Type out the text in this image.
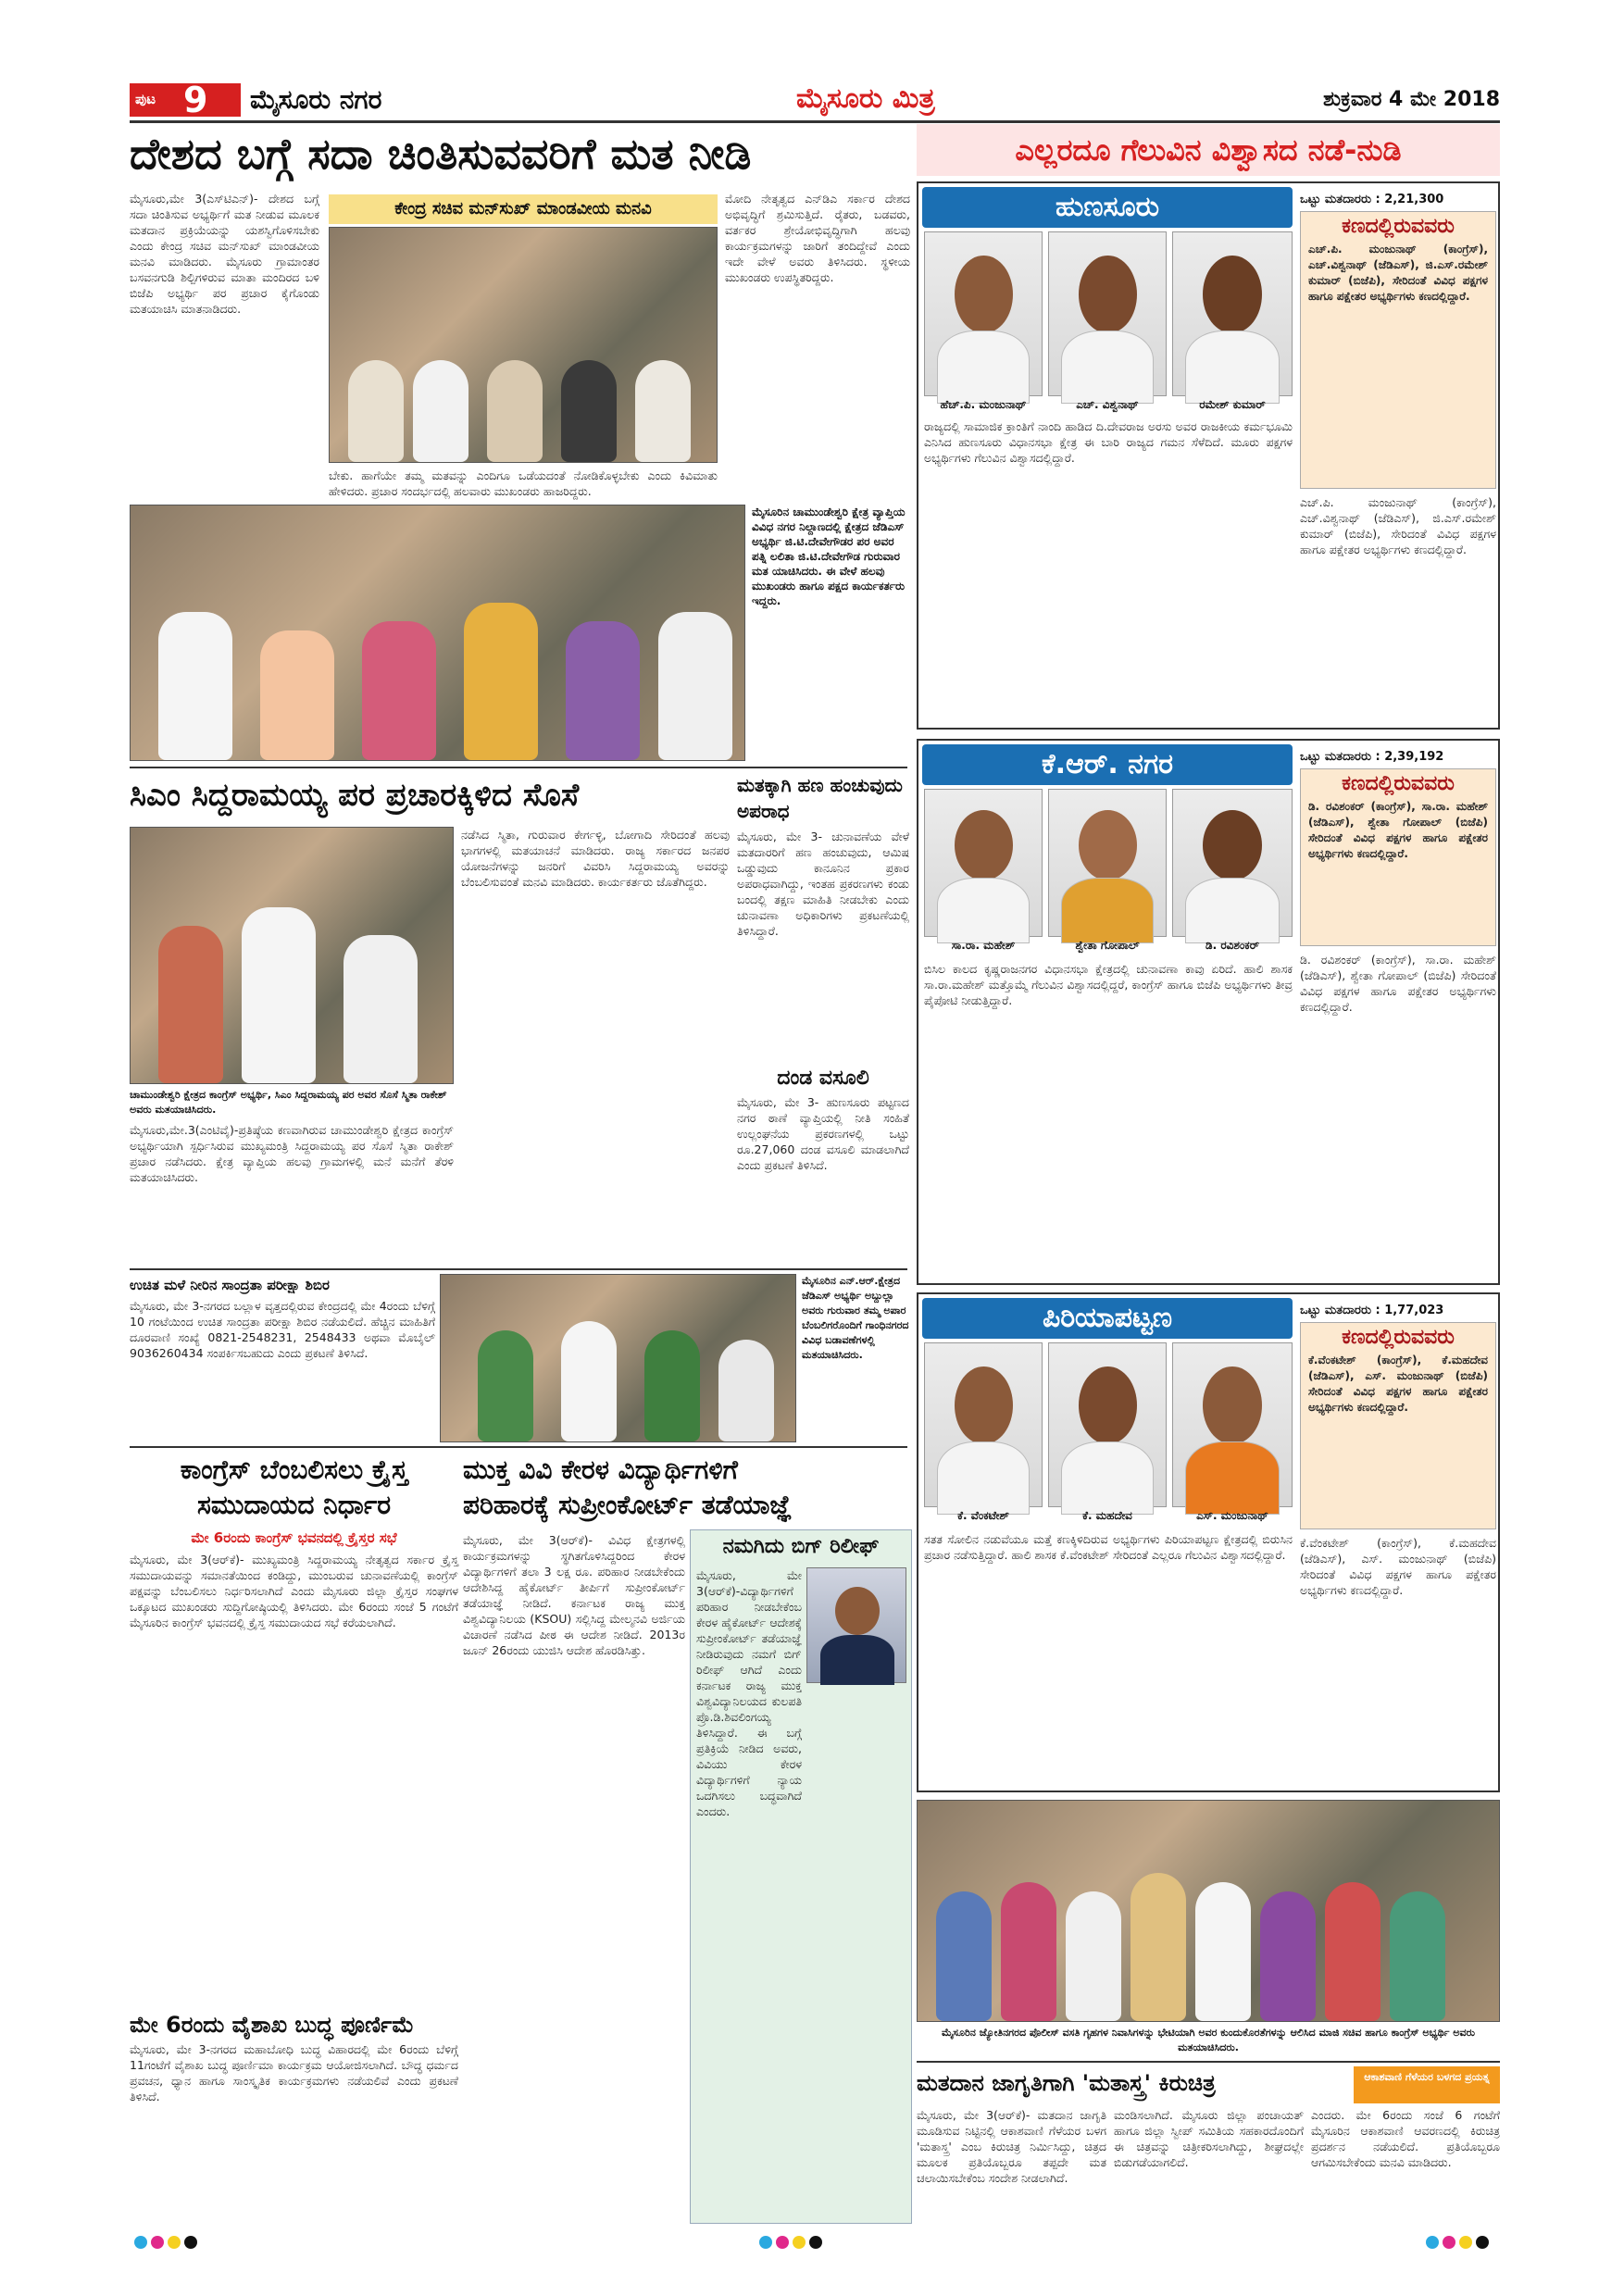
ಪುಟ 9 ಮೈಸೂರು ನಗರ	ಮೈಸೂರು ಮಿತ್ರ	ಶುಕ್ರವಾರ 4 ಮೇ 2018
ದೇಶದ ಬಗ್ಗೆ ಸದಾ ಚಿಂತಿಸುವವರಿಗೆ ಮತ ನೀಡಿ
ಕೇಂದ್ರ ಸಚಿವ ಮನ್‌ಸುಖ್ ಮಾಂಡವೀಯ ಮನವಿ
ಮೈಸೂರು,ಮೇ 3(ಎಸ್‌ಟಿಎನ್)- ದೇಶದ ಬಗ್ಗೆ ಸದಾ ಚಿಂತಿಸುವ ಅಭ್ಯರ್ಥಿಗೆ ಮತ ನೀಡುವ ಮೂಲಕ ಮತದಾನ ಪ್ರಕ್ರಿಯೆಯನ್ನು ಯಶಸ್ವಿಗೊಳಿಸಬೇಕು ಎಂದು ಕೇಂದ್ರ ಸಚಿವ ಮನ್‌ಸುಖ್ ಮಾಂಡವೀಯ ಮನವಿ ಮಾಡಿದರು. ಮೈಸೂರು ಗ್ರಾಮಾಂತರ ಬಸವನಗುಡಿ ಶಿಲ್ಪಿಗಳಿರುವ ಮಾತಾ ಮಂದಿರದ ಬಳಿ ಬಿಜೆಪಿ ಅಭ್ಯರ್ಥಿ ಪರ ಪ್ರಚಾರ ಕೈಗೊಂಡು ಮತಯಾಚಿಸಿ ಮಾತನಾಡಿದರು.
ಬೇಕು. ಹಾಗೆಯೇ ತಮ್ಮ ಮತವನ್ನು ಎಂದಿಗೂ ಒಡೆಯದಂತೆ ನೋಡಿಕೊಳ್ಳಬೇಕು ಎಂದು ಕಿವಿಮಾತು ಹೇಳಿದರು. ಪ್ರಚಾರ ಸಂದರ್ಭದಲ್ಲಿ ಹಲವಾರು ಮುಖಂಡರು ಹಾಜರಿದ್ದರು.
ಮೋದಿ ನೇತೃತ್ವದ ಎನ್‌ಡಿಎ ಸರ್ಕಾರ ದೇಶದ ಅಭಿವೃದ್ಧಿಗೆ ಶ್ರಮಿಸುತ್ತಿದೆ. ರೈತರು, ಬಡವರು, ವರ್ತಕರ ಶ್ರೇಯೋಭಿವೃದ್ಧಿಗಾಗಿ ಹಲವು ಕಾರ್ಯಕ್ರಮಗಳನ್ನು ಜಾರಿಗೆ ತಂದಿದ್ದೇವೆ ಎಂದು ಇದೇ ವೇಳೆ ಅವರು ತಿಳಿಸಿದರು. ಸ್ಥಳೀಯ ಮುಖಂಡರು ಉಪಸ್ಥಿತರಿದ್ದರು.
ಮೈಸೂರಿನ ಚಾಮುಂಡೇಶ್ವರಿ ಕ್ಷೇತ್ರ ವ್ಯಾಪ್ತಿಯ ವಿವಿಧ ನಗರ ನಿಲ್ದಾಣದಲ್ಲಿ ಕ್ಷೇತ್ರದ ಜೆಡಿಎಸ್ ಅಭ್ಯರ್ಥಿ ಜಿ.ಟಿ.ದೇವೇಗೌಡರ ಪರ ಅವರ ಪತ್ನಿ ಲಲಿತಾ ಜಿ.ಟಿ.ದೇವೇಗೌಡ ಗುರುವಾರ ಮತ ಯಾಚಿಸಿದರು. ಈ ವೇಳೆ ಹಲವು ಮುಖಂಡರು ಹಾಗೂ ಪಕ್ಷದ ಕಾರ್ಯಕರ್ತರು ಇದ್ದರು.
ಸಿಎಂ ಸಿದ್ದರಾಮಯ್ಯ ಪರ ಪ್ರಚಾರಕ್ಕಿಳಿದ ಸೊಸೆ
ಚಾಮುಂಡೇಶ್ವರಿ ಕ್ಷೇತ್ರದ ಕಾಂಗ್ರೆಸ್ ಅಭ್ಯರ್ಥಿ, ಸಿಎಂ ಸಿದ್ದರಾಮಯ್ಯ ಪರ ಅವರ ಸೊಸೆ ಸ್ಮಿತಾ ರಾಕೇಶ್ ಅವರು ಮತಯಾಚಿಸಿದರು.
ಮೈಸೂರು,ಮೇ.3(ಎಂಟಿವೈ)-ಪ್ರತಿಷ್ಠೆಯ ಕಣವಾಗಿರುವ ಚಾಮುಂಡೇಶ್ವರಿ ಕ್ಷೇತ್ರದ ಕಾಂಗ್ರೆಸ್ ಅಭ್ಯರ್ಥಿಯಾಗಿ ಸ್ಪರ್ಧಿಸಿರುವ ಮುಖ್ಯಮಂತ್ರಿ ಸಿದ್ದರಾಮಯ್ಯ ಪರ ಸೊಸೆ ಸ್ಮಿತಾ ರಾಕೇಶ್ ಪ್ರಚಾರ ನಡೆಸಿದರು. ಕ್ಷೇತ್ರ ವ್ಯಾಪ್ತಿಯ ಹಲವು ಗ್ರಾಮಗಳಲ್ಲಿ ಮನೆ ಮನೆಗೆ ತೆರಳಿ ಮತಯಾಚಿಸಿದರು.
ನಡೆಸಿದ ಸ್ಮಿತಾ, ಗುರುವಾರ ಕೇರ್ಗಳ್ಳಿ, ಬೋಗಾದಿ ಸೇರಿದಂತೆ ಹಲವು ಭಾಗಗಳಲ್ಲಿ ಮತಯಾಚನೆ ಮಾಡಿದರು. ರಾಜ್ಯ ಸರ್ಕಾರದ ಜನಪರ ಯೋಜನೆಗಳನ್ನು ಜನರಿಗೆ ವಿವರಿಸಿ ಸಿದ್ದರಾಮಯ್ಯ ಅವರನ್ನು ಬೆಂಬಲಿಸುವಂತೆ ಮನವಿ ಮಾಡಿದರು. ಕಾರ್ಯಕರ್ತರು ಜೊತೆಗಿದ್ದರು.
ಮತಕ್ಕಾಗಿ ಹಣ ಹಂಚುವುದು ಅಪರಾಧ
ಮೈಸೂರು, ಮೇ 3- ಚುನಾವಣೆಯ ವೇಳೆ ಮತದಾರರಿಗೆ ಹಣ ಹಂಚುವುದು, ಆಮಿಷ ಒಡ್ಡುವುದು ಕಾನೂನಿನ ಪ್ರಕಾರ ಅಪರಾಧವಾಗಿದ್ದು, ಇಂತಹ ಪ್ರಕರಣಗಳು ಕಂಡು ಬಂದಲ್ಲಿ ತಕ್ಷಣ ಮಾಹಿತಿ ನೀಡಬೇಕು ಎಂದು ಚುನಾವಣಾ ಅಧಿಕಾರಿಗಳು ಪ್ರಕಟಣೆಯಲ್ಲಿ ತಿಳಿಸಿದ್ದಾರೆ.
ದಂಡ ವಸೂಲಿ
ಮೈಸೂರು, ಮೇ 3- ಹುಣಸೂರು ಪಟ್ಟಣದ ನಗರ ಠಾಣೆ ವ್ಯಾಪ್ತಿಯಲ್ಲಿ ನೀತಿ ಸಂಹಿತೆ ಉಲ್ಲಂಘನೆಯ ಪ್ರಕರಣಗಳಲ್ಲಿ ಒಟ್ಟು ರೂ.27,060 ದಂಡ ವಸೂಲಿ ಮಾಡಲಾಗಿದೆ ಎಂದು ಪ್ರಕಟಣೆ ತಿಳಿಸಿದೆ.
ಉಚಿತ ಮಳೆ ನೀರಿನ ಸಾಂದ್ರತಾ ಪರೀಕ್ಷಾ ಶಿಬಿರ
ಮೈಸೂರು, ಮೇ 3-ನಗರದ ಬಲ್ಲಾಳ ವೃತ್ತದಲ್ಲಿರುವ ಕೇಂದ್ರದಲ್ಲಿ ಮೇ 4ರಂದು ಬೆಳಿಗ್ಗೆ 10 ಗಂಟೆಯಿಂದ ಉಚಿತ ಸಾಂದ್ರತಾ ಪರೀಕ್ಷಾ ಶಿಬಿರ ನಡೆಯಲಿದೆ. ಹೆಚ್ಚಿನ ಮಾಹಿತಿಗೆ ದೂರವಾಣಿ ಸಂಖ್ಯೆ 0821-2548231, 2548433 ಅಥವಾ ಮೊಬೈಲ್ 9036260434 ಸಂಪರ್ಕಿಸಬಹುದು ಎಂದು ಪ್ರಕಟಣೆ ತಿಳಿಸಿದೆ.
ಮೈಸೂರಿನ ಎನ್.ಆರ್.ಕ್ಷೇತ್ರದ ಜೆಡಿಎಸ್ ಅಭ್ಯರ್ಥಿ ಅಬ್ದುಲ್ಲಾ ಅವರು ಗುರುವಾರ ತಮ್ಮ ಅಪಾರ ಬೆಂಬಲಿಗರೊಂದಿಗೆ ಗಾಂಧಿನಗರದ ವಿವಿಧ ಬಡಾವಣೆಗಳಲ್ಲಿ ಮತಯಾಚಿಸಿದರು.
ಕಾಂಗ್ರೆಸ್ ಬೆಂಬಲಿಸಲು ಕ್ರೈಸ್ತ
ಸಮುದಾಯದ ನಿರ್ಧಾರ
ಮೇ 6ರಂದು ಕಾಂಗ್ರೆಸ್ ಭವನದಲ್ಲಿ ಕ್ರೈಸ್ತರ ಸಭೆ
ಮೈಸೂರು, ಮೇ 3(ಆರ್‌ಕೆ)- ಮುಖ್ಯಮಂತ್ರಿ ಸಿದ್ದರಾಮಯ್ಯ ನೇತೃತ್ವದ ಸರ್ಕಾರ ಕ್ರೈಸ್ತ ಸಮುದಾಯವನ್ನು ಸಮಾನತೆಯಿಂದ ಕಂಡಿದ್ದು, ಮುಂಬರುವ ಚುನಾವಣೆಯಲ್ಲಿ ಕಾಂಗ್ರೆಸ್ ಪಕ್ಷವನ್ನು ಬೆಂಬಲಿಸಲು ನಿರ್ಧರಿಸಲಾಗಿದೆ ಎಂದು ಮೈಸೂರು ಜಿಲ್ಲಾ ಕ್ರೈಸ್ತರ ಸಂಘಗಳ ಒಕ್ಕೂಟದ ಮುಖಂಡರು ಸುದ್ದಿಗೋಷ್ಠಿಯಲ್ಲಿ ತಿಳಿಸಿದರು. ಮೇ 6ರಂದು ಸಂಜೆ 5 ಗಂಟೆಗೆ ಮೈಸೂರಿನ ಕಾಂಗ್ರೆಸ್ ಭವನದಲ್ಲಿ ಕ್ರೈಸ್ತ ಸಮುದಾಯದ ಸಭೆ ಕರೆಯಲಾಗಿದೆ.
ಮೇ 6ರಂದು ವೈಶಾಖ ಬುದ್ಧ ಪೂರ್ಣಿಮೆ
ಮೈಸೂರು, ಮೇ 3-ನಗರದ ಮಹಾಬೋಧಿ ಬುದ್ಧ ವಿಹಾರದಲ್ಲಿ ಮೇ 6ರಂದು ಬೆಳಿಗ್ಗೆ 11ಗಂಟೆಗೆ ವೈಶಾಖ ಬುದ್ಧ ಪೂರ್ಣಿಮಾ ಕಾರ್ಯಕ್ರಮ ಆಯೋಜಿಸಲಾಗಿದೆ. ಬೌದ್ಧ ಧರ್ಮದ ಪ್ರವಚನ, ಧ್ಯಾನ ಹಾಗೂ ಸಾಂಸ್ಕೃತಿಕ ಕಾರ್ಯಕ್ರಮಗಳು ನಡೆಯಲಿವೆ ಎಂದು ಪ್ರಕಟಣೆ ತಿಳಿಸಿದೆ.
ಮುಕ್ತ ವಿವಿ ಕೇರಳ ವಿದ್ಯಾರ್ಥಿಗಳಿಗೆ
ಪರಿಹಾರಕ್ಕೆ ಸುಪ್ರೀಂಕೋರ್ಟ್ ತಡೆಯಾಜ್ಞೆ
ಮೈಸೂರು, ಮೇ 3(ಆರ್‌ಕೆ)- ವಿವಿಧ ಕ್ಷೇತ್ರಗಳಲ್ಲಿ ಕಾರ್ಯಕ್ರಮಗಳನ್ನು ಸ್ಥಗಿತಗೊಳಿಸಿದ್ದರಿಂದ ಕೇರಳ ವಿದ್ಯಾರ್ಥಿಗಳಿಗೆ ತಲಾ 3 ಲಕ್ಷ ರೂ. ಪರಿಹಾರ ನೀಡಬೇಕೆಂದು ಆದೇಶಿಸಿದ್ದ ಹೈಕೋರ್ಟ್ ತೀರ್ಪಿಗೆ ಸುಪ್ರೀಂಕೋರ್ಟ್ ತಡೆಯಾಜ್ಞೆ ನೀಡಿದೆ. ಕರ್ನಾಟಕ ರಾಜ್ಯ ಮುಕ್ತ ವಿಶ್ವವಿದ್ಯಾನಿಲಯ (KSOU) ಸಲ್ಲಿಸಿದ್ದ ಮೇಲ್ಮನವಿ ಅರ್ಜಿಯ ವಿಚಾರಣೆ ನಡೆಸಿದ ಪೀಠ ಈ ಆದೇಶ ನೀಡಿದೆ. 2013ರ ಜೂನ್ 26ರಂದು ಯುಜಿಸಿ ಆದೇಶ ಹೊರಡಿಸಿತ್ತು.
ನಮಗಿದು ಬಿಗ್ ರಿಲೀಫ್
ಮೈಸೂರು, ಮೇ 3(ಆರ್‌ಕೆ)-ವಿದ್ಯಾರ್ಥಿಗಳಿಗೆ ಪರಿಹಾರ ನೀಡಬೇಕೆಂಬ ಕೇರಳ ಹೈಕೋರ್ಟ್ ಆದೇಶಕ್ಕೆ ಸುಪ್ರೀಂಕೋರ್ಟ್ ತಡೆಯಾಜ್ಞೆ ನೀಡಿರುವುದು ನಮಗೆ ಬಿಗ್ ರಿಲೀಫ್ ಆಗಿದೆ ಎಂದು ಕರ್ನಾಟಕ ರಾಜ್ಯ ಮುಕ್ತ ವಿಶ್ವವಿದ್ಯಾನಿಲಯದ ಕುಲಪತಿ ಪ್ರೊ.ಡಿ.ಶಿವಲಿಂಗಯ್ಯ ತಿಳಿಸಿದ್ದಾರೆ. ಈ ಬಗ್ಗೆ ಪ್ರತಿಕ್ರಿಯೆ ನೀಡಿದ ಅವರು, ವಿವಿಯು ಕೇರಳ ವಿದ್ಯಾರ್ಥಿಗಳಿಗೆ ನ್ಯಾಯ ಒದಗಿಸಲು ಬದ್ಧವಾಗಿದೆ ಎಂದರು.
ಎಲ್ಲರದೂ ಗೆಲುವಿನ ವಿಶ್ವಾಸದ ನಡೆ-ನುಡಿ
ಹುಣಸೂರು	ಒಟ್ಟು ಮತದಾರರು : 2,21,300
ಕಣದಲ್ಲಿರುವವರು
ಎಚ್.ಪಿ. ಮಂಜುನಾಥ್ (ಕಾಂಗ್ರೆಸ್), ಎಚ್.ವಿಶ್ವನಾಥ್ (ಜೆಡಿಎಸ್), ಜಿ.ಎಸ್.ರಮೇಶ್ ಕುಮಾರ್ (ಬಿಜೆಪಿ), ಸೇರಿದಂತೆ ವಿವಿಧ ಪಕ್ಷಗಳ ಹಾಗೂ ಪಕ್ಷೇತರ ಅಭ್ಯರ್ಥಿಗಳು ಕಣದಲ್ಲಿದ್ದಾರೆ.
ಹೆಚ್.ಪಿ. ಮಂಜುನಾಥ್	ಎಚ್. ವಿಶ್ವನಾಥ್	ರಮೇಶ್ ಕುಮಾರ್
ರಾಜ್ಯದಲ್ಲಿ ಸಾಮಾಜಿಕ ಕ್ರಾಂತಿಗೆ ನಾಂದಿ ಹಾಡಿದ ದಿ.ದೇವರಾಜ ಅರಸು ಅವರ ರಾಜಕೀಯ ಕರ್ಮಭೂಮಿ ಎನಿಸಿದ ಹುಣಸೂರು ವಿಧಾನಸಭಾ ಕ್ಷೇತ್ರ ಈ ಬಾರಿ ರಾಜ್ಯದ ಗಮನ ಸೆಳೆದಿದೆ. ಮೂರು ಪಕ್ಷಗಳ ಅಭ್ಯರ್ಥಿಗಳು ಗೆಲುವಿನ ವಿಶ್ವಾಸದಲ್ಲಿದ್ದಾರೆ.
ಎಚ್.ಪಿ. ಮಂಜುನಾಥ್ (ಕಾಂಗ್ರೆಸ್), ಎಚ್.ವಿಶ್ವನಾಥ್ (ಜೆಡಿಎಸ್), ಜಿ.ಎಸ್.ರಮೇಶ್ ಕುಮಾರ್ (ಬಿಜೆಪಿ), ಸೇರಿದಂತೆ ವಿವಿಧ ಪಕ್ಷಗಳ ಹಾಗೂ ಪಕ್ಷೇತರ ಅಭ್ಯರ್ಥಿಗಳು ಕಣದಲ್ಲಿದ್ದಾರೆ.
ಕೆ.ಆರ್. ನಗರ	ಒಟ್ಟು ಮತದಾರರು : 2,39,192
ಕಣದಲ್ಲಿರುವವರು
ಡಿ. ರವಿಶಂಕರ್ (ಕಾಂಗ್ರೆಸ್), ಸಾ.ರಾ. ಮಹೇಶ್ (ಜೆಡಿಎಸ್), ಶ್ವೇತಾ ಗೋಪಾಲ್ (ಬಿಜೆಪಿ) ಸೇರಿದಂತೆ ವಿವಿಧ ಪಕ್ಷಗಳ ಹಾಗೂ ಪಕ್ಷೇತರ ಅಭ್ಯರ್ಥಿಗಳು ಕಣದಲ್ಲಿದ್ದಾರೆ.
ಸಾ.ರಾ. ಮಹೇಶ್	ಶ್ವೇತಾ ಗೋಪಾಲ್	ಡಿ. ರವಿಶಂಕರ್
ಬಿಸಿಲ ಕಾಲದ ಕೃಷ್ಣರಾಜನಗರ ವಿಧಾನಸಭಾ ಕ್ಷೇತ್ರದಲ್ಲಿ ಚುನಾವಣಾ ಕಾವು ಏರಿದೆ. ಹಾಲಿ ಶಾಸಕ ಸಾ.ರಾ.ಮಹೇಶ್ ಮತ್ತೊಮ್ಮೆ ಗೆಲುವಿನ ವಿಶ್ವಾಸದಲ್ಲಿದ್ದರೆ, ಕಾಂಗ್ರೆಸ್ ಹಾಗೂ ಬಿಜೆಪಿ ಅಭ್ಯರ್ಥಿಗಳು ತೀವ್ರ ಪೈಪೋಟಿ ನೀಡುತ್ತಿದ್ದಾರೆ.
ಡಿ. ರವಿಶಂಕರ್ (ಕಾಂಗ್ರೆಸ್), ಸಾ.ರಾ. ಮಹೇಶ್ (ಜೆಡಿಎಸ್), ಶ್ವೇತಾ ಗೋಪಾಲ್ (ಬಿಜೆಪಿ) ಸೇರಿದಂತೆ ವಿವಿಧ ಪಕ್ಷಗಳ ಹಾಗೂ ಪಕ್ಷೇತರ ಅಭ್ಯರ್ಥಿಗಳು ಕಣದಲ್ಲಿದ್ದಾರೆ.
ಪಿರಿಯಾಪಟ್ಟಣ	ಒಟ್ಟು ಮತದಾರರು : 1,77,023
ಕಣದಲ್ಲಿರುವವರು
ಕೆ.ವೆಂಕಟೇಶ್ (ಕಾಂಗ್ರೆಸ್), ಕೆ.ಮಹದೇವ (ಜೆಡಿಎಸ್), ಎಸ್. ಮಂಜುನಾಥ್ (ಬಿಜೆಪಿ) ಸೇರಿದಂತೆ ವಿವಿಧ ಪಕ್ಷಗಳ ಹಾಗೂ ಪಕ್ಷೇತರ ಅಭ್ಯರ್ಥಿಗಳು ಕಣದಲ್ಲಿದ್ದಾರೆ.
ಕೆ. ವೆಂಕಟೇಶ್	ಕೆ. ಮಹದೇವ	ಎಸ್. ಮಂಜುನಾಥ್
ಸತತ ಸೋಲಿನ ನಡುವೆಯೂ ಮತ್ತೆ ಕಣಕ್ಕಿಳಿದಿರುವ ಅಭ್ಯರ್ಥಿಗಳು ಪಿರಿಯಾಪಟ್ಟಣ ಕ್ಷೇತ್ರದಲ್ಲಿ ಬಿರುಸಿನ ಪ್ರಚಾರ ನಡೆಸುತ್ತಿದ್ದಾರೆ. ಹಾಲಿ ಶಾಸಕ ಕೆ.ವೆಂಕಟೇಶ್ ಸೇರಿದಂತೆ ಎಲ್ಲರೂ ಗೆಲುವಿನ ವಿಶ್ವಾಸದಲ್ಲಿದ್ದಾರೆ.
ಕೆ.ವೆಂಕಟೇಶ್ (ಕಾಂಗ್ರೆಸ್), ಕೆ.ಮಹದೇವ (ಜೆಡಿಎಸ್), ಎಸ್. ಮಂಜುನಾಥ್ (ಬಿಜೆಪಿ) ಸೇರಿದಂತೆ ವಿವಿಧ ಪಕ್ಷಗಳ ಹಾಗೂ ಪಕ್ಷೇತರ ಅಭ್ಯರ್ಥಿಗಳು ಕಣದಲ್ಲಿದ್ದಾರೆ.
ಮೈಸೂರಿನ ಜ್ಯೋತಿನಗರದ ಪೊಲೀಸ್ ವಸತಿ ಗೃಹಗಳ ನಿವಾಸಿಗಳನ್ನು ಭೇಟಿಯಾಗಿ ಅವರ ಕುಂದುಕೊರತೆಗಳನ್ನು ಆಲಿಸಿದ ಮಾಜಿ ಸಚಿವ ಹಾಗೂ ಕಾಂಗ್ರೆಸ್ ಅಭ್ಯರ್ಥಿ ಅವರು ಮತಯಾಚಿಸಿದರು.
ಮತದಾನ ಜಾಗೃತಿಗಾಗಿ 'ಮತಾಸ್ತ್ರ' ಕಿರುಚಿತ್ರ	ಆಕಾಶವಾಣಿ ಗೆಳೆಯರ ಬಳಗದ ಪ್ರಯತ್ನ
ಮೈಸೂರು, ಮೇ 3(ಆರ್‌ಕೆ)- ಮತದಾನ ಜಾಗೃತಿ ಮೂಡಿಸುವ ನಿಟ್ಟಿನಲ್ಲಿ ಆಕಾಶವಾಣಿ ಗೆಳೆಯರ ಬಳಗ 'ಮತಾಸ್ತ್ರ' ಎಂಬ ಕಿರುಚಿತ್ರ ನಿರ್ಮಿಸಿದ್ದು, ಚಿತ್ರದ ಮೂಲಕ ಪ್ರತಿಯೊಬ್ಬರೂ ತಪ್ಪದೇ ಮತ ಚಲಾಯಿಸಬೇಕೆಂಬ ಸಂದೇಶ ನೀಡಲಾಗಿದೆ.
ಮಂಡಿಸಲಾಗಿದೆ. ಮೈಸೂರು ಜಿಲ್ಲಾ ಪಂಚಾಯತ್ ಹಾಗೂ ಜಿಲ್ಲಾ ಸ್ವೀಪ್ ಸಮಿತಿಯ ಸಹಕಾರದೊಂದಿಗೆ ಈ ಚಿತ್ರವನ್ನು ಚಿತ್ರೀಕರಿಸಲಾಗಿದ್ದು, ಶೀಘ್ರದಲ್ಲೇ ಬಿಡುಗಡೆಯಾಗಲಿದೆ.
ಎಂದರು. ಮೇ 6ರಂದು ಸಂಜೆ 6 ಗಂಟೆಗೆ ಮೈಸೂರಿನ ಆಕಾಶವಾಣಿ ಆವರಣದಲ್ಲಿ ಕಿರುಚಿತ್ರ ಪ್ರದರ್ಶನ ನಡೆಯಲಿದೆ. ಪ್ರತಿಯೊಬ್ಬರೂ ಆಗಮಿಸಬೇಕೆಂದು ಮನವಿ ಮಾಡಿದರು.
